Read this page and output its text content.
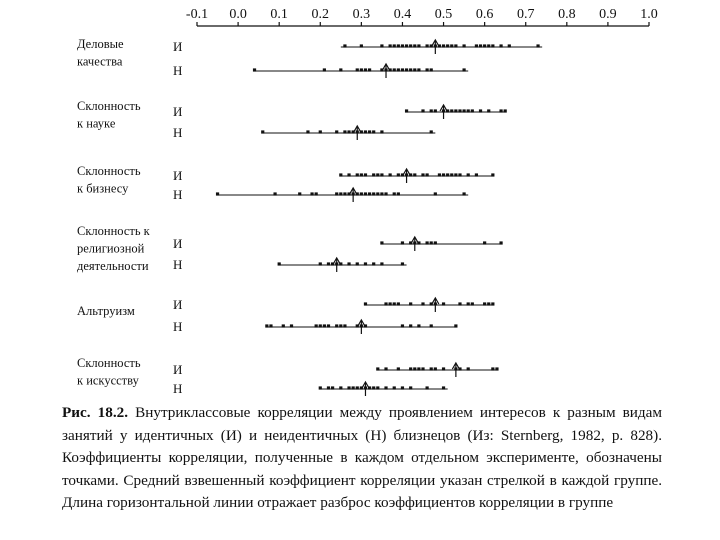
-0.1 0.0 0.1 0.2 0.3 0.4 0.5 0.6 0.7 0.8 0.9 1.0
Деловые качества
И
Н
Склонность к науке
И
Н
Склонность к бизнесу
И
Н
Склонность к религиозной деятельности
И
Н
Альтруизм	И
Н
Склонность к искусству
И
Н

Рис. 18.2. Внутриклассовые корреляции между проявлением интересов к разным видам занятий у идентичных (И) и неидентичных (Н) близнецов (Из: Sternberg, 1982, p. 828). Коэффициенты корреляции, полученные в каждом отдельном эксперименте, обозначены точками. Средний взвешенный коэффициент корреляции указан стрелкой в каждой группе. Длина горизонтальной линии отражает разброс коэффициентов корреляции в группе
